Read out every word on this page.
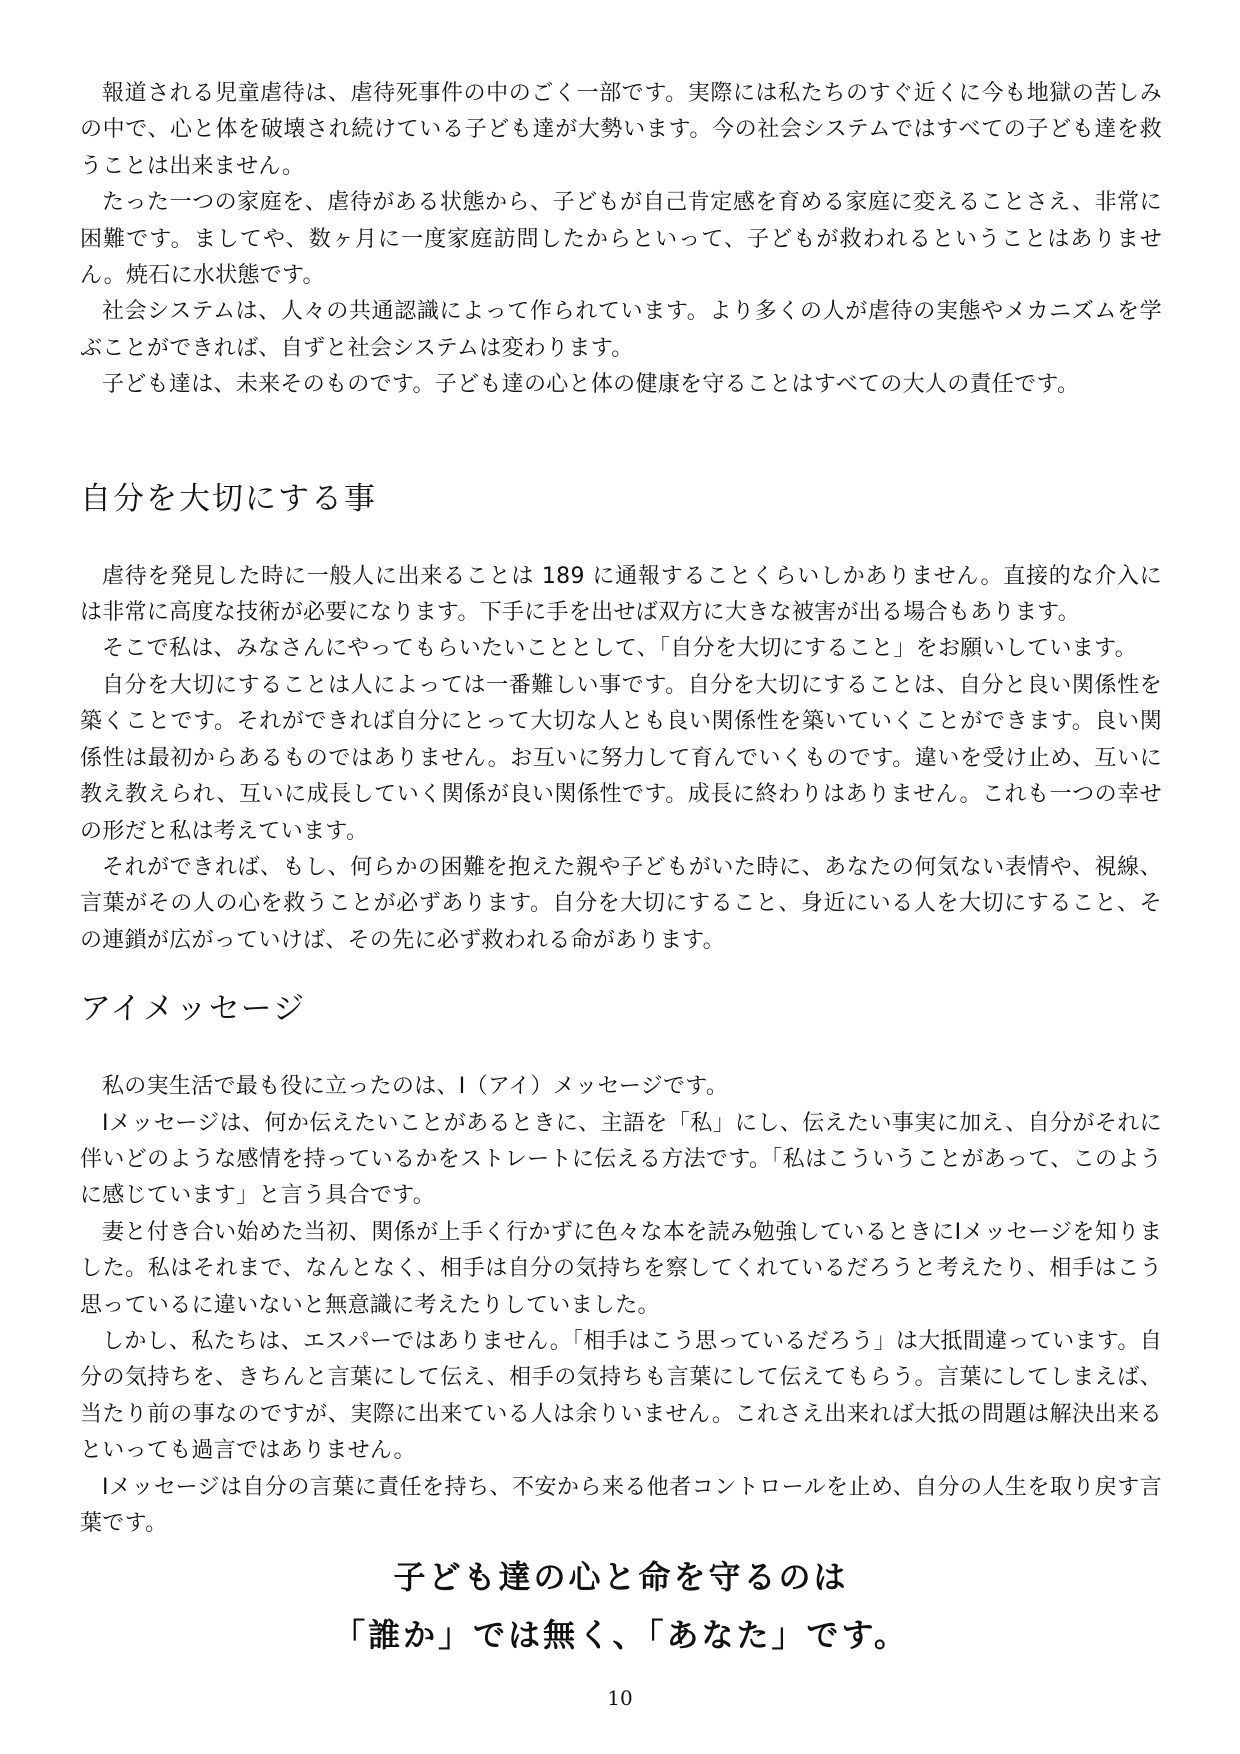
報道される児童虐待は、虐待死事件の中のごく一部です。実際には私たちのすぐ近くに今も地獄の苦しみの中で、心と体を破壊され続けている子ども達が大勢います。今の社会システムではすべての子ども達を救うことは出来ません。

たった一つの家庭を、虐待がある状態から、子どもが自己肯定感を育める家庭に変えることさえ、非常に困難です。ましてや、数ヶ月に一度家庭訪問したからといって、子どもが救われるということはありません。焼石に水状態です。

社会システムは、人々の共通認識によって作られています。より多くの人が虐待の実態やメカニズムを学ぶことができれば、自ずと社会システムは変わります。

子ども達は、未来そのものです。子ども達の心と体の健康を守ることはすべての大人の責任です。

自分を大切にする事

虐待を発見した時に一般人に出来ることは 189 に通報することくらいしかありません。直接的な介入には非常に高度な技術が必要になります。下手に手を出せば双方に大きな被害が出る場合もあります。

そこで私は、みなさんにやってもらいたいこととして、「自分を大切にすること」をお願いしています。

自分を大切にすることは人によっては一番難しい事です。自分を大切にすることは、自分と良い関係性を築くことです。それができれば自分にとって大切な人とも良い関係性を築いていくことができます。良い関係性は最初からあるものではありません。お互いに努力して育んでいくものです。違いを受け止め、互いに教え教えられ、互いに成長していく関係が良い関係性です。成長に終わりはありません。これも一つの幸せの形だと私は考えています。

それができれば、もし、何らかの困難を抱えた親や子どもがいた時に、あなたの何気ない表情や、視線、言葉がその人の心を救うことが必ずあります。自分を大切にすること、身近にいる人を大切にすること、その連鎖が広がっていけば、その先に必ず救われる命があります。

アイメッセージ

私の実生活で最も役に立ったのは、I（アイ）メッセージです。

Iメッセージは、何か伝えたいことがあるときに、主語を「私」にし、伝えたい事実に加え、自分がそれに伴いどのような感情を持っているかをストレートに伝える方法です。「私はこういうことがあって、このように感じています」と言う具合です。

妻と付き合い始めた当初、関係が上手く行かずに色々な本を読み勉強しているときにIメッセージを知りました。私はそれまで、なんとなく、相手は自分の気持ちを察してくれているだろうと考えたり、相手はこう思っているに違いないと無意識に考えたりしていました。

しかし、私たちは、エスパーではありません。「相手はこう思っているだろう」は大抵間違っています。自分の気持ちを、きちんと言葉にして伝え、相手の気持ちも言葉にして伝えてもらう。言葉にしてしまえば、当たり前の事なのですが、実際に出来ている人は余りいません。これさえ出来れば大抵の問題は解決出来るといっても過言ではありません。

Iメッセージは自分の言葉に責任を持ち、不安から来る他者コントロールを止め、自分の人生を取り戻す言葉です。

子ども達の心と命を守るのは
「誰か」では無く、「あなた」です。
10
